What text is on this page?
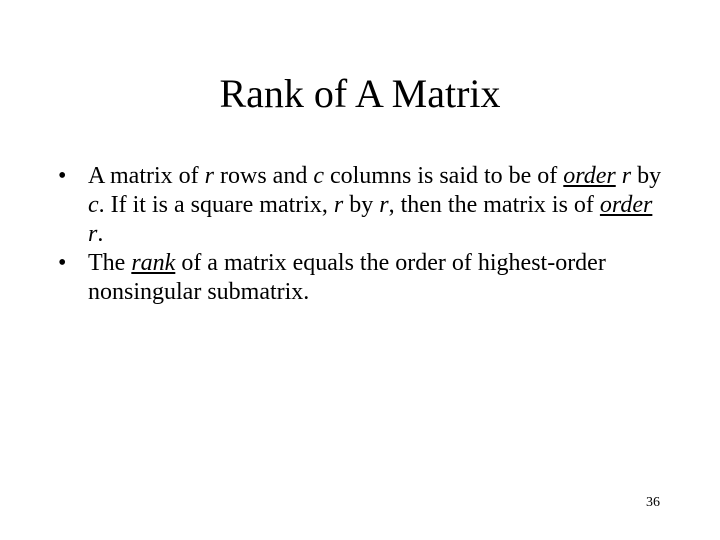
Rank of A Matrix
• A matrix of r rows and c columns is said to be of order r by c. If it is a square matrix, r by r, then the matrix is of order r.
• The rank of a matrix equals the order of highest-order nonsingular submatrix.
36
